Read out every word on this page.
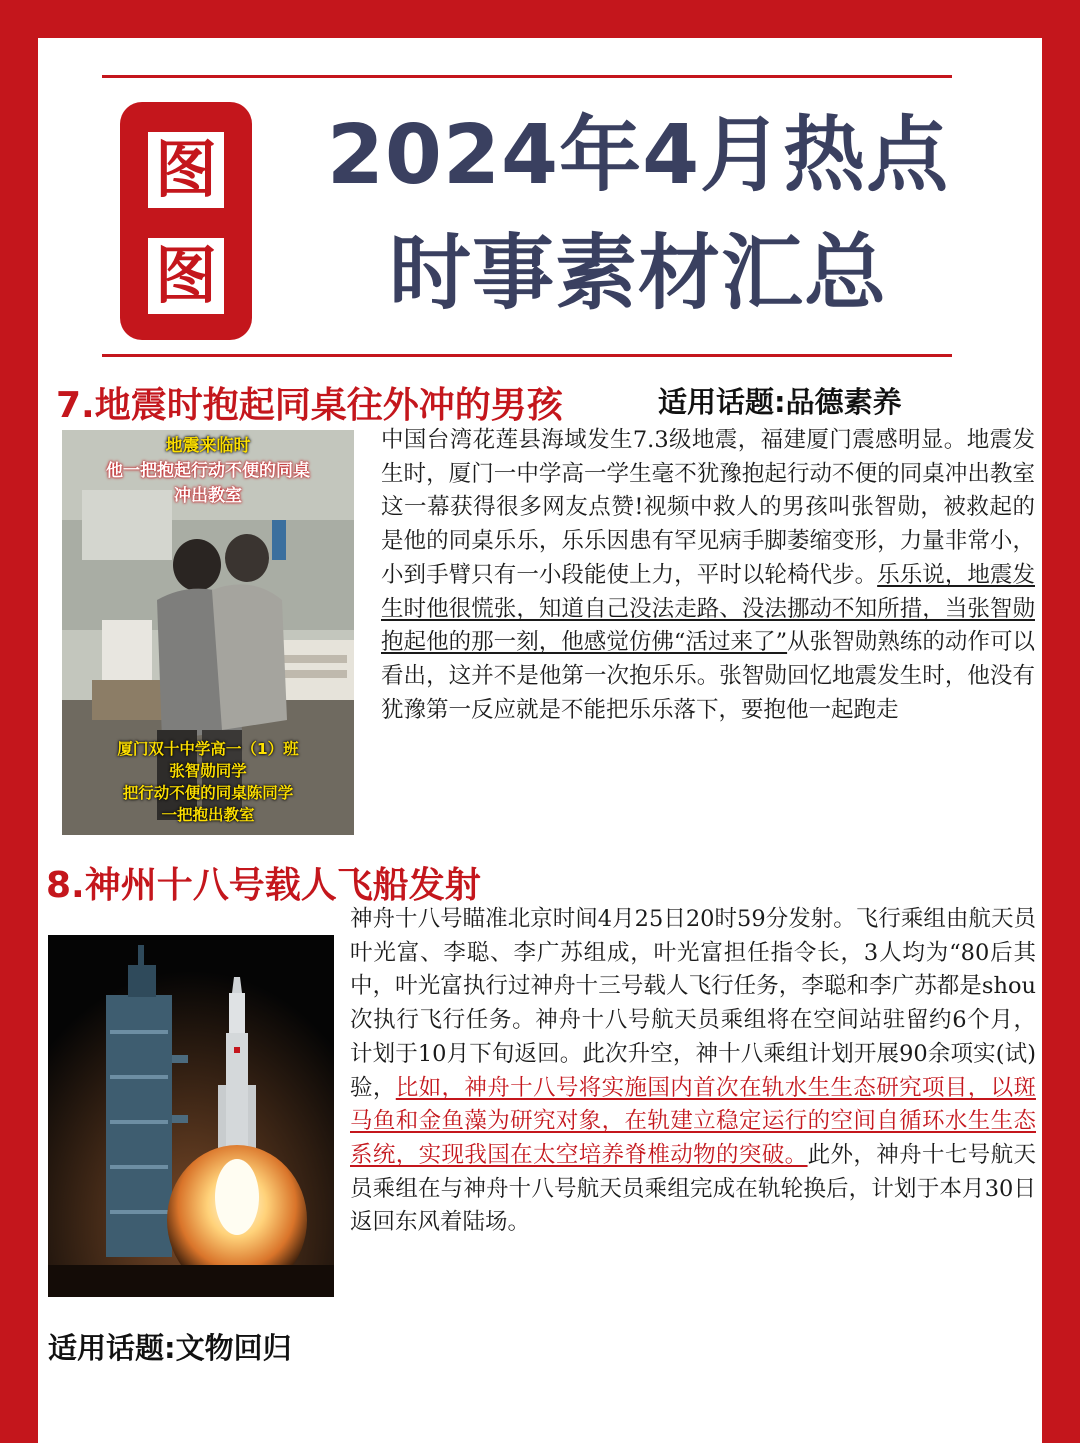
图
图
2024年4月热点
时事素材汇总
7.地震时抱起同桌往外冲的男孩	适用话题:品德素养
地震来临时
他一把抱起行动不便的同桌
冲出教室
厦门双十中学高一（1）班
张智勋同学
把行动不便的同桌陈同学
一把抱出教室
中国台湾花莲县海域发生7.3级地震，福建厦门震感明显。地震发生时，厦门一中学高一学生毫不犹豫抱起行动不便的同桌冲出教室这一幕获得很多网友点赞!视频中救人的男孩叫张智勋，被救起的是他的同桌乐乐，乐乐因患有罕见病手脚萎缩变形，力量非常小，小到手臂只有一小段能使上力，平时以轮椅代步。乐乐说，地震发生时他很慌张，知道自己没法走路、没法挪动不知所措，当张智勋抱起他的那一刻，他感觉仿佛“活过来了”从张智勋熟练的动作可以看出，这并不是他第一次抱乐乐。张智勋回忆地震发生时，他没有犹豫第一反应就是不能把乐乐落下，要抱他一起跑走
8.神州十八号载人飞船发射
适用话题:文物回归
神舟十八号瞄准北京时间4月25日20时59分发射。飞行乘组由航天员叶光富、李聪、李广苏组成，叶光富担任指令长，3人均为“80后其中，叶光富执行过神舟十三号载人飞行任务，李聪和李广苏都是shou次执行飞行任务。神舟十八号航天员乘组将在空间站驻留约6个月，计划于10月下旬返回。此次升空，神十八乘组计划开展90余项实(试)验，比如，神舟十八号将实施国内首次在轨水生生态研究项目，以斑马鱼和金鱼藻为研究对象，在轨建立稳定运行的空间自循环水生生态系统，实现我国在太空培养脊椎动物的突破。此外，神舟十七号航天员乘组在与神舟十八号航天员乘组完成在轨轮换后，计划于本月30日返回东风着陆场。
